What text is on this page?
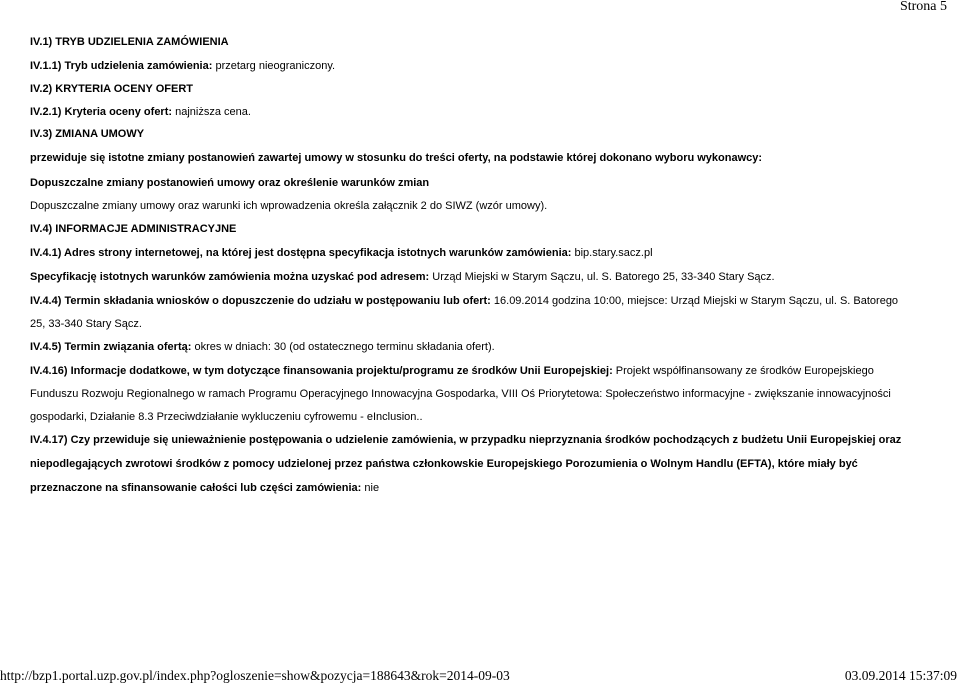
Strona 5
IV.1) TRYB UDZIELENIA ZAMÓWIENIA
IV.1.1) Tryb udzielenia zamówienia: przetarg nieograniczony.
IV.2) KRYTERIA OCENY OFERT
IV.2.1) Kryteria oceny ofert: najniższa cena.
IV.3) ZMIANA UMOWY
przewiduje się istotne zmiany postanowień zawartej umowy w stosunku do treści oferty, na podstawie której dokonano wyboru wykonawcy:
Dopuszczalne zmiany postanowień umowy oraz określenie warunków zmian
Dopuszczalne zmiany umowy oraz warunki ich wprowadzenia określa załącznik 2 do SIWZ (wzór umowy).
IV.4) INFORMACJE ADMINISTRACYJNE
IV.4.1) Adres strony internetowej, na której jest dostępna specyfikacja istotnych warunków zamówienia: bip.stary.sacz.pl
Specyfikację istotnych warunków zamówienia można uzyskać pod adresem: Urząd Miejski w Starym Sączu, ul. S. Batorego 25, 33-340 Stary Sącz.
IV.4.4) Termin składania wniosków o dopuszczenie do udziału w postępowaniu lub ofert: 16.09.2014 godzina 10:00, miejsce: Urząd Miejski w Starym Sączu, ul. S. Batorego
25, 33-340 Stary Sącz.
IV.4.5) Termin związania ofertą: okres w dniach: 30 (od ostatecznego terminu składania ofert).
IV.4.16) Informacje dodatkowe, w tym dotyczące finansowania projektu/programu ze środków Unii Europejskiej: Projekt współfinansowany ze środków Europejskiego
Funduszu Rozwoju Regionalnego w ramach Programu Operacyjnego Innowacyjna Gospodarka, VIII Oś Priorytetowa: Społeczeństwo informacyjne - zwiększanie innowacyjności
gospodarki, Działanie 8.3 Przeciwdziałanie wykluczeniu cyfrowemu - eInclusion..
IV.4.17) Czy przewiduje się unieważnienie postępowania o udzielenie zamówienia, w przypadku nieprzyznania środków pochodzących z budżetu Unii Europejskiej oraz
niepodlegających zwrotowi środków z pomocy udzielonej przez państwa członkowskie Europejskiego Porozumienia o Wolnym Handlu (EFTA), które miały być
przeznaczone na sfinansowanie całości lub części zamówienia: nie
http://bzp1.portal.uzp.gov.pl/index.php?ogloszenie=show&pozycja=188643&rok=2014-09-03	03.09.2014 15:37:09
